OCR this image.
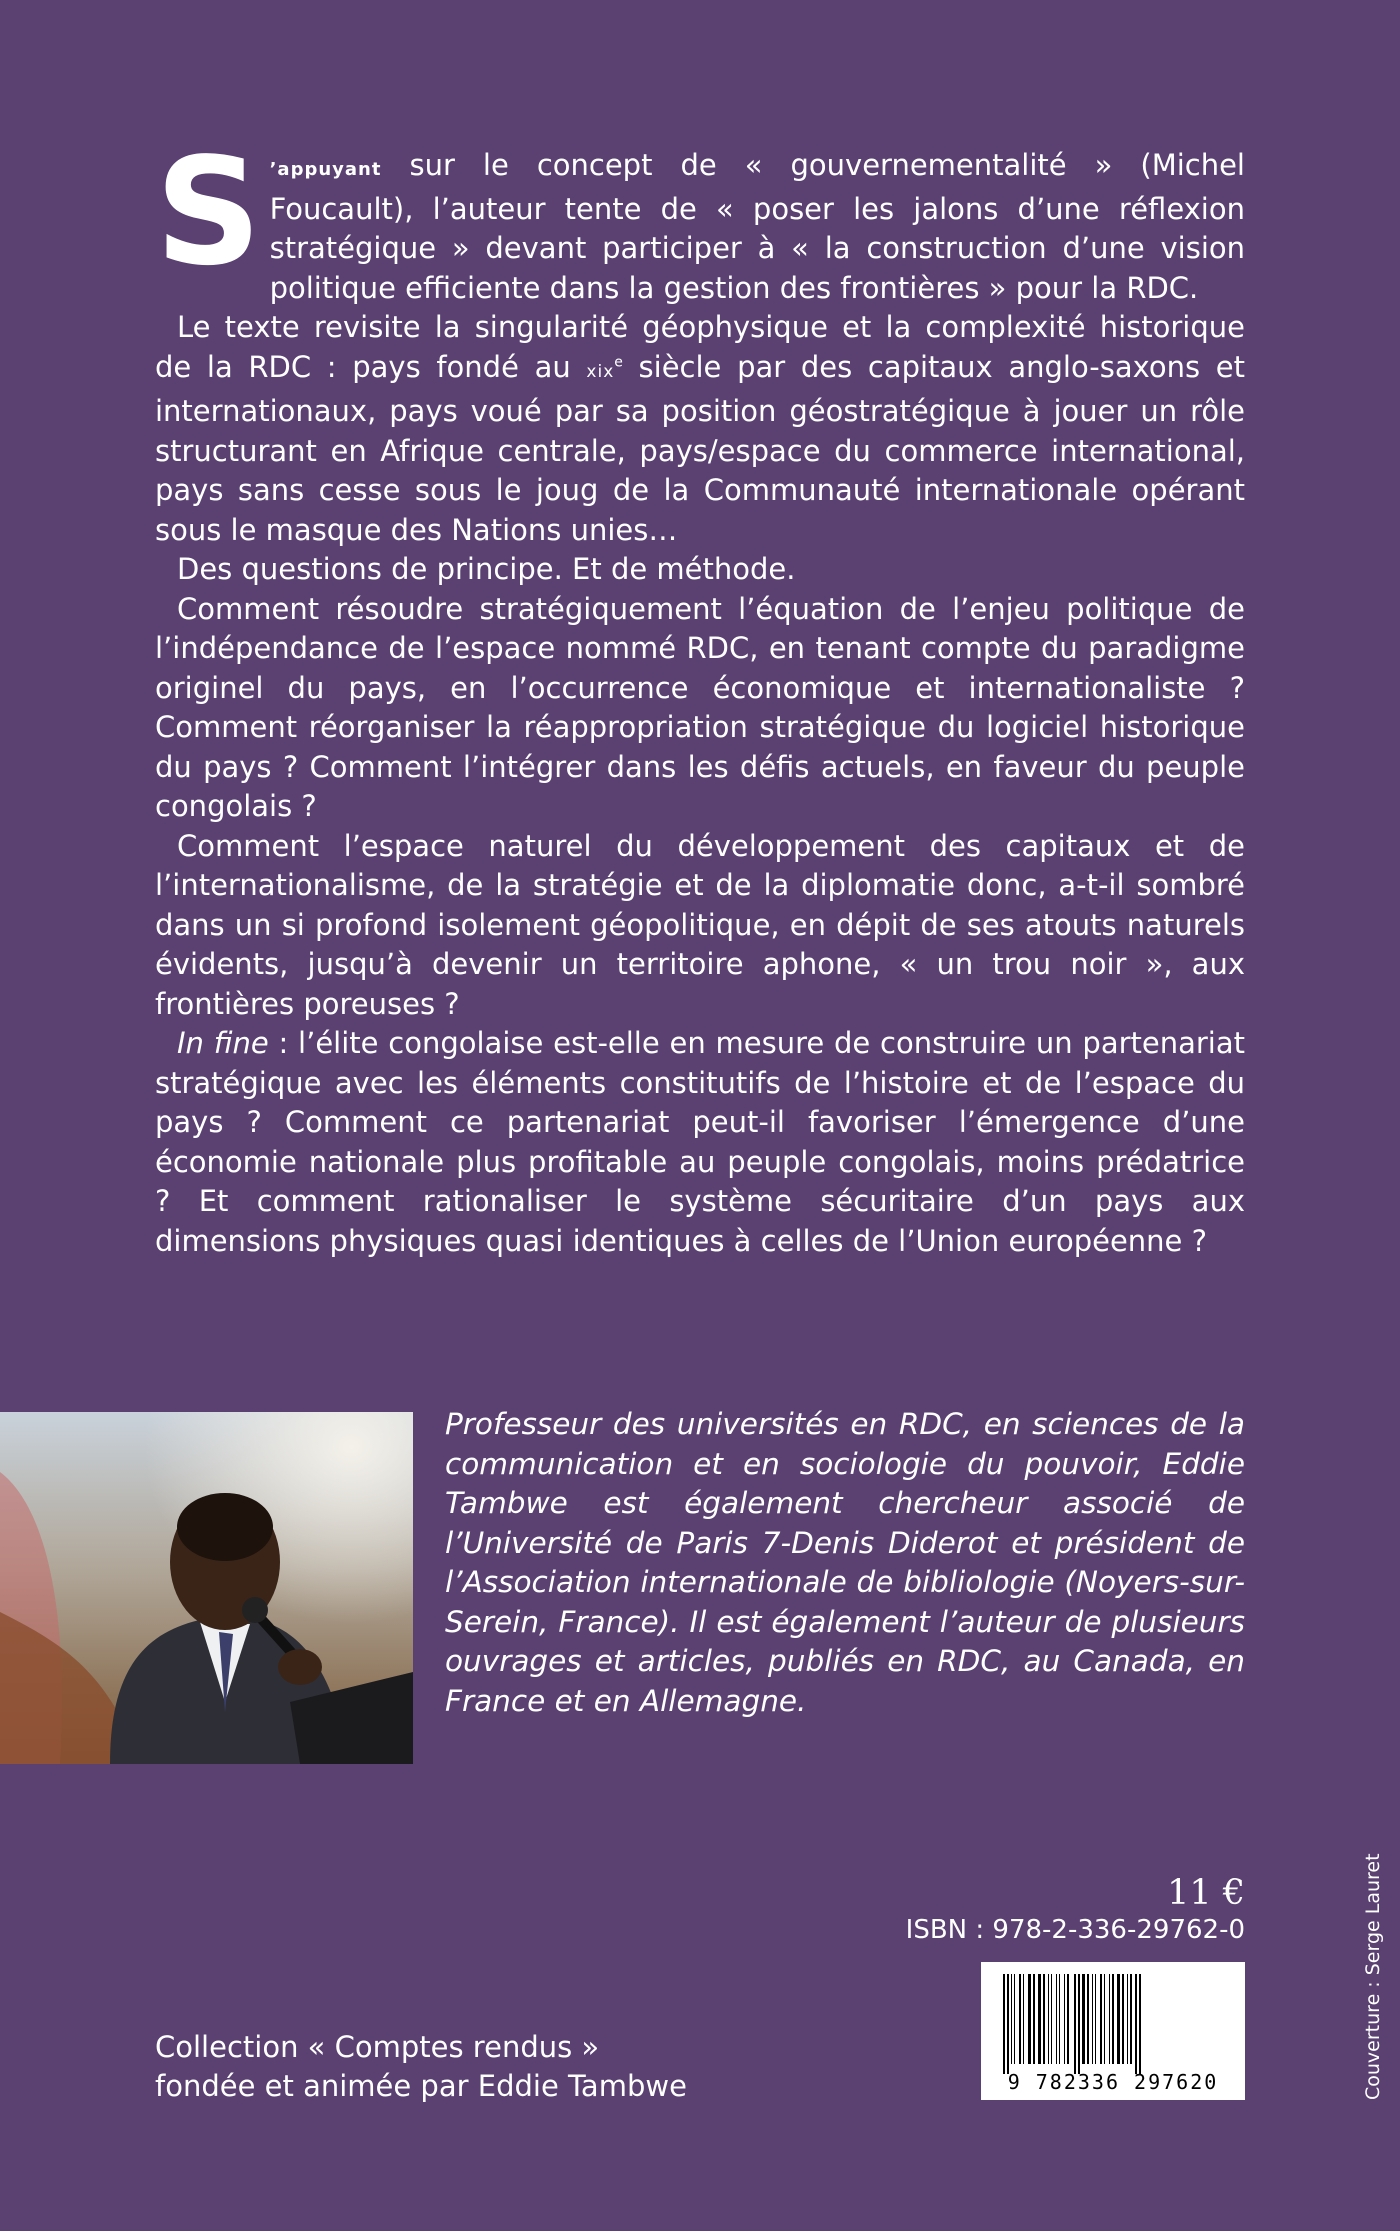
S ’appuyant sur le concept de « gouvernementalité » (Michel Foucault), l’auteur tente de « poser les jalons d’une réflexion stratégique » devant participer à « la construction d’une vision politique efficiente dans la gestion des frontières » pour la RDC.

Le texte revisite la singularité géophysique et la complexité historique de la RDC : pays fondé au xix$^e$ siècle par des capitaux anglo-saxons et internationaux, pays voué par sa position géostratégique à jouer un rôle structurant en Afrique centrale, pays/espace du commerce international, pays sans cesse sous le joug de la Communauté internationale opérant sous le masque des Nations unies…

Des questions de principe. Et de méthode.

Comment résoudre stratégiquement l’équation de l’enjeu politique de l’indépendance de l’espace nommé RDC, en tenant compte du paradigme originel du pays, en l’occurrence économique et internationaliste ? Comment réorganiser la réappropriation stratégique du logiciel historique du pays ? Comment l’intégrer dans les défis actuels, en faveur du peuple congolais ?

Comment l’espace naturel du développement des capitaux et de l’internationalisme, de la stratégie et de la diplomatie donc, a-t-il sombré dans un si profond isolement géopolitique, en dépit de ses atouts naturels évidents, jusqu’à devenir un territoire aphone, « un trou noir », aux frontières poreuses ?

In fine : l’élite congolaise est-elle en mesure de construire un partenariat stratégique avec les éléments constitutifs de l’histoire et de l’espace du pays ? Comment ce partenariat peut-il favoriser l’émergence d’une économie nationale plus profitable au peuple congolais, moins prédatrice ? Et comment rationaliser le système sécuritaire d’un pays aux dimensions physiques quasi identiques à celles de l’Union européenne ?

Professeur des universités en RDC, en sciences de la communication et en sociologie du pouvoir, Eddie Tambwe est également chercheur associé de l’Université de Paris 7-Denis Diderot et président de l’Association internationale de bibliologie (Noyers-sur-Serein, France). Il est également l’auteur de plusieurs ouvrages et articles, publiés en RDC, au Canada, en France et en Allemagne.
11 €
ISBN : 978-2-336-29762-0
9 782336 297620
Collection « Comptes rendus »
fondée et animée par Eddie Tambwe	Couverture : Serge Lauret
